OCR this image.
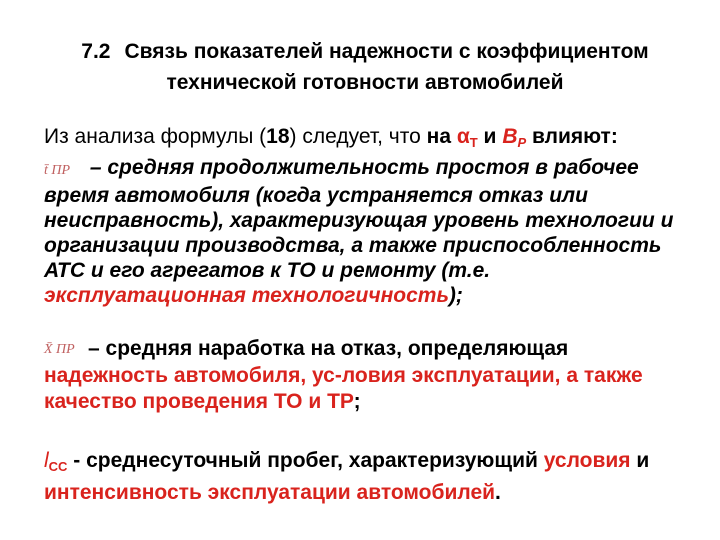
7.2 Связь показателей надежности с коэффициентом
технической готовности автомобилей
Из анализа формулы (18) следует, что на $\alpha_Т$ и $В_Р$ влияют:
t̄ ПР – средняя продолжительность простоя в рабочее время автомобиля (когда устраняется отказ или неисправность), характеризующая уровень технологии и организации производства, а также приспособленность АТС и его агрегатов к ТО и ремонту (т.е. эксплуатационная технологичность);
X̄ ПР – средняя наработка на отказ, определяющая надежность автомобиля, ус-ловия эксплуатации, а также качество проведения ТО и ТР;
$l_{СС}$ - среднесуточный пробег, характеризующий условия и интенсивность эксплуатации автомобилей.
